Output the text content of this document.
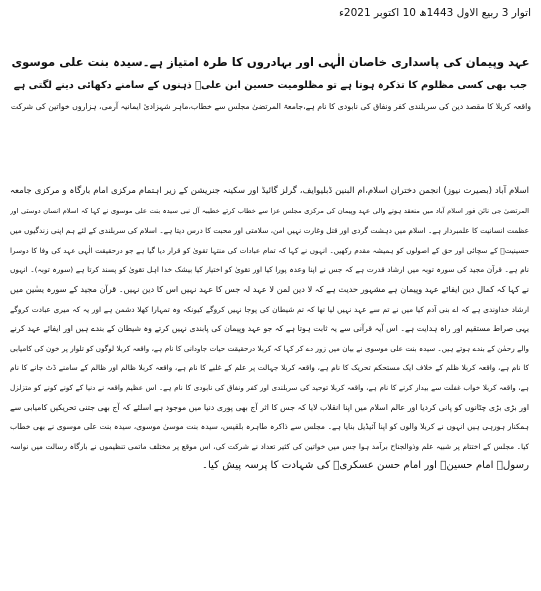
اتوار 3 ربیع الاول 1443ھ 10 اکتوبر 2021ء

عہد وپیمان کی پاسداری خاصان الٰہی اور بہادروں کا طرہ امتیاز ہے۔سیدہ بنت علی موسوی
جب بھی کسی مظلوم کا تذکرہ ہوتا ہے تو مظلومیت حسین ابن علیؑ ذہنوں کے سامنے دکھائی دینے لگتی ہے

واقعہ کربلا کا مقصد دین کی سربلندی کفر ونفاق کی نابودی کا نام ہے،جامعۃ المرتضیٰ مجلس سے خطاب،ماہر شہزادیٔ ایمانیہ آرمی، ہزاروں خواتین کی شرکت

اسلام آباد (بصیرت نیوز) انجمن دختران اسلام،ام البنین ڈبلیوایف، گرلز گائیڈ اور سکینہ جنریشن کے زیر اہتمام مرکزی امام بارگاہ و مرکزی جامعہ
المرتضیٰ جی نائن فور اسلام آباد میں منعقد ہونے والی عہد وپیمان کی مرکزی مجلس عزا سے خطاب کرتے خطیبہ آل نبی سیدہ بنت علی موسوی نے کہا کہ اسلام انسان دوستی اور
عظمت انسانیت کا علمبردار ہے۔ اسلام میں دہشت گردی اور قتل وغارت نہیں امن، سلامتی اور محبت کا درس دیتا ہے۔ اسلام کی سربلندی کے لئے ہم اپنی زندگیوں میں
حسینیتؑ کے سچائی اور حق کے اصولوں کو ہمیشہ مقدم رکھیں۔ انہوں نے کہا کہ تمام عبادات کی منتہا تقویٰ کو قرار دیا گیا ہے جو درحقیقت الٰہی عہد کی وفا کا دوسرا
نام ہے۔ قرآن مجید کی سورہ توبہ میں ارشاد قدرت ہے کہ جس نے اپنا وعدہ پورا کیا اور تقویٰ کو اختیار کیا بیشک خدا اہل تقویٰ کو پسند کرتا ہے (سورہ توبہ)۔ انہوں
نے کہا کہ کمال دین ایفائے عہد وپیمان ہے مشہور حدیث ہے کہ لا دین لمن لا عہد لہ جس کا عہد نہیں اس کا دین نہیں۔ قرآن مجید کے سورہ یسٰین میں
ارشاد خداوندی ہے کہ اے بنی آدم کیا میں نے تم سے عہد نہیں لیا تھا کہ تم شیطان کی پوجا نہیں کروگے کیونکہ وہ تمہارا کھلا دشمن ہے اور یہ کہ میری عبادت کروگے
یہی صراط مستقیم اور راہ ہدایت ہے۔ اس آیہ قرآنی سے یہ ثابت ہوتا ہے کہ جو عہد وپیمان کی پابندی نہیں کرتے وہ شیطان کے بندے ہیں اور ایفائے عہد کرنے
والے رحمٰن کے بندے ہوتے ہیں۔ سیدہ بنت علی موسوی نے بیان میں زور دے کر کہا کہ کربلا درحقیقت حیات جاودانی کا نام ہے، واقعہ کربلا لوگوں کو تلوار پر خون کی کامیابی
کا نام ہے، واقعہ کربلا ظلم کے خلاف ایک مستحکم تحریک کا نام ہے، واقعہ کربلا جہالت پر علم کے غلبے کا نام ہے، واقعہ کربلا ظالم اور ظالم کے سامنے ڈٹ جانے کا نام
ہے، واقعہ کربلا خواب غفلت سے بیدار کرنے کا نام ہے، واقعہ کربلا توحید کی سربلندی اور کفر ونفاق کی نابودی کا نام ہے۔ اس عظیم واقعہ نے دنیا کے کونے کونے کو متزلزل
اور بڑی بڑی چٹانوں کو پانی کردیا اور عالم اسلام میں اپنا انقلاب لایا کہ جس کا اثر آج بھی پوری دنیا میں موجود ہے اسلئے کہ آج بھی جتنی تحریکیں کامیابی سے
ہمکنار ہورہی ہیں انہوں نے کربلا والوں کو اپنا آئیڈیل بنایا ہے۔ مجلس سے ذاکرہ طاہرہ بلقیس، سیدہ بنت موسیٰ موسوی، سیدہ بنت علی موسوی نے بھی خطاب
کیا۔ مجلس کے اختتام پر شبیہ علم وذوالجناح برآمد ہوا جس میں خواتین کی کثیر تعداد نے شرکت کی، اس موقع پر مختلف ماتمی تنظیموں نے بارگاہ رسالت میں نواسہ
رسولؐ امام حسینؑ اور امام حسن عسکریؑ کی شہادت کا پرسہ پیش کیا۔
